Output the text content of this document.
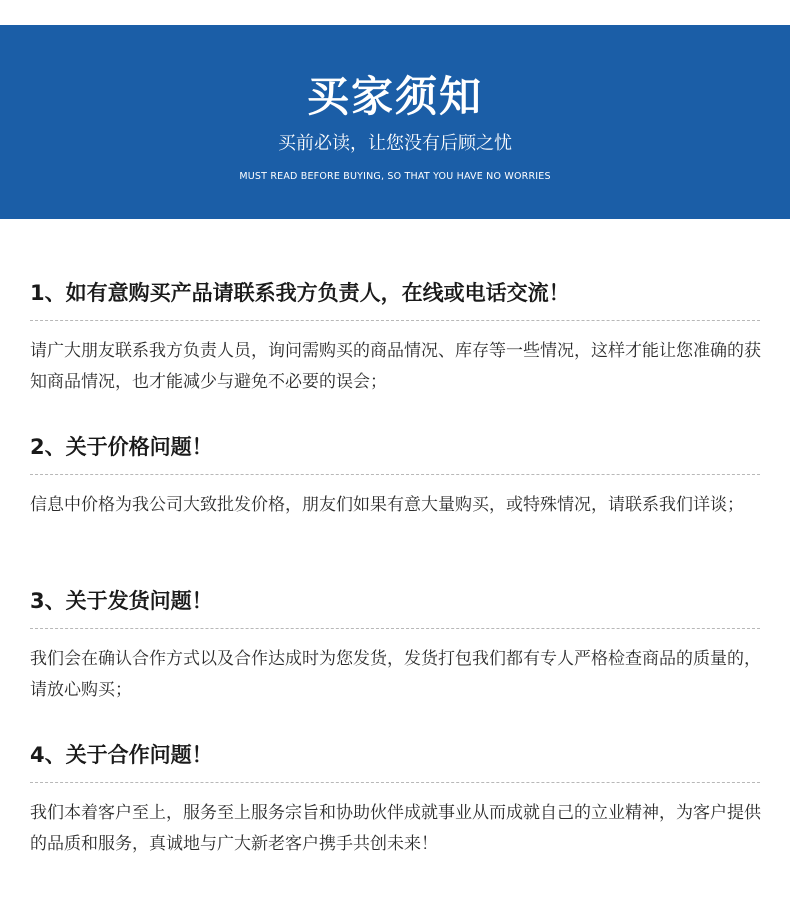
买家须知
买前必读，让您没有后顾之忧
MUST READ BEFORE BUYING, SO THAT YOU HAVE NO WORRIES
1、如有意购买产品请联系我方负责人，在线或电话交流！
请广大朋友联系我方负责人员，询问需购买的商品情况、库存等一些情况，这样才能让您准确的获知商品情况，也才能减少与避免不必要的误会；
2、关于价格问题！
信息中价格为我公司大致批发价格，朋友们如果有意大量购买，或特殊情况，请联系我们详谈；
3、关于发货问题！
我们会在确认合作方式以及合作达成时为您发货，发货打包我们都有专人严格检查商品的质量的，请放心购买；
4、关于合作问题！
我们本着客户至上，服务至上服务宗旨和协助伙伴成就事业从而成就自己的立业精神，为客户提供的品质和服务，真诚地与广大新老客户携手共创未来！
